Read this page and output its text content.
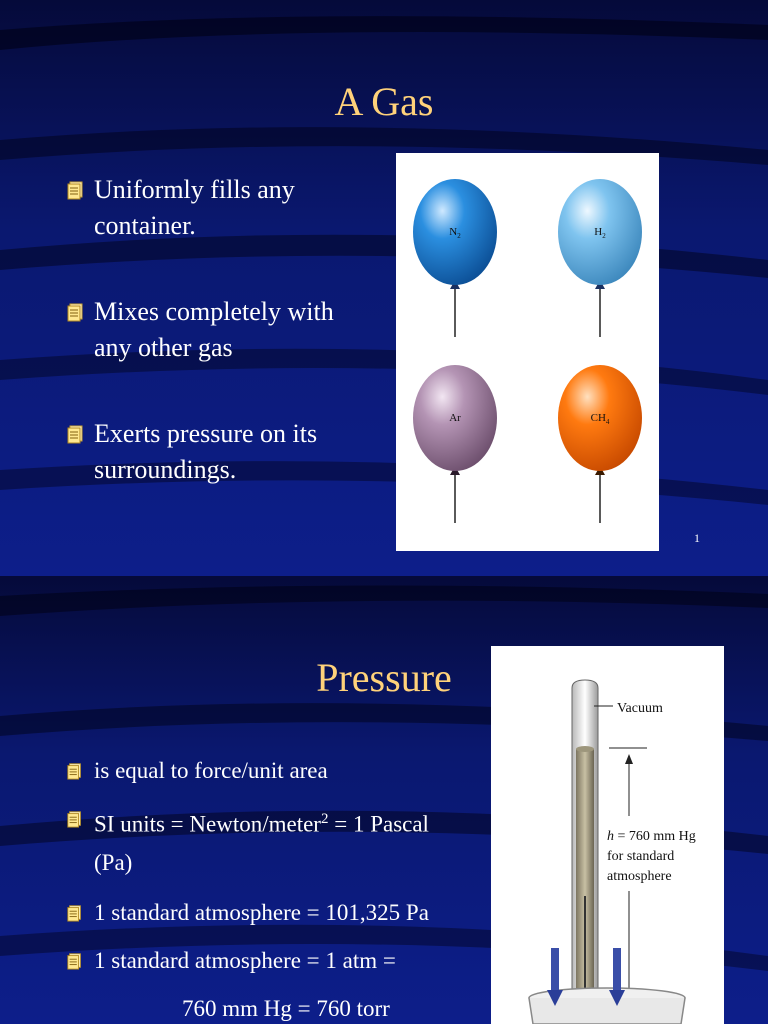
A Gas
Uniformly fills any container.
Mixes completely with any other gas
Exerts pressure on its surroundings.
$N_2$	$H_2$
Ar	$CH_4$
1
Pressure
is equal to force/unit area
SI units = Newton/meter$^2$ = 1 Pascal
(Pa)
1 standard atmosphere = 101,325 Pa
1 standard atmosphere = 1 atm =
760 mm Hg = 760 torr
Vacuum
h = 760 mm Hg
for standard
atmosphere
